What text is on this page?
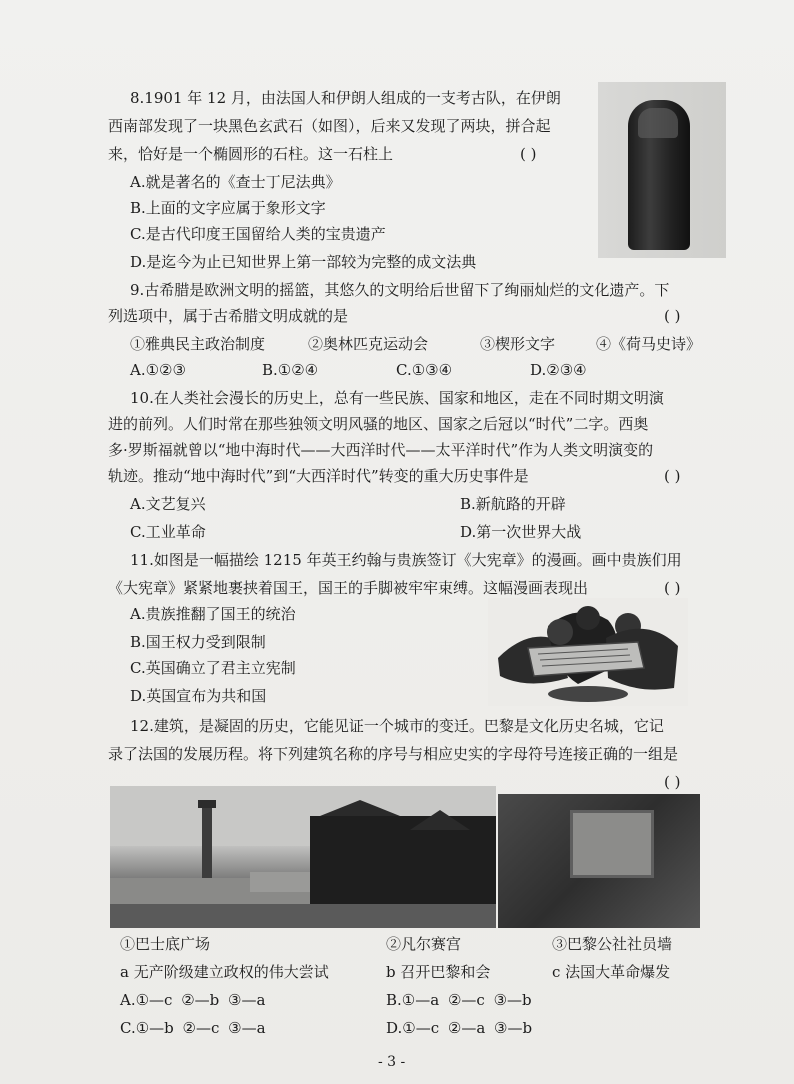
8.1901 年 12 月，由法国人和伊朗人组成的一支考古队，在伊朗
西南部发现了一块黑色玄武石（如图），后来又发现了两块，拼合起
来，恰好是一个椭圆形的石柱。这一石柱上	( )
A.就是著名的《查士丁尼法典》
B.上面的文字应属于象形文字
C.是古代印度王国留给人类的宝贵遗产
D.是迄今为止已知世界上第一部较为完整的成文法典
9.古希腊是欧洲文明的摇篮，其悠久的文明给后世留下了绚丽灿烂的文化遗产。下
列选项中，属于古希腊文明成就的是	( )
①雅典民主政治制度	②奥林匹克运动会	③楔形文字	④《荷马史诗》
A.①②③	B.①②④	C.①③④	D.②③④
10.在人类社会漫长的历史上，总有一些民族、国家和地区，走在不同时期文明演
进的前列。人们时常在那些独领文明风骚的地区、国家之后冠以“时代”二字。西奥
多·罗斯福就曾以“地中海时代——大西洋时代——太平洋时代”作为人类文明演变的
轨迹。推动“地中海时代”到“大西洋时代”转变的重大历史事件是	( )
A.文艺复兴	B.新航路的开辟
C.工业革命	D.第一次世界大战
11.如图是一幅描绘 1215 年英王约翰与贵族签订《大宪章》的漫画。画中贵族们用
《大宪章》紧紧地裹挟着国王，国王的手脚被牢牢束缚。这幅漫画表现出	( )
A.贵族推翻了国王的统治
B.国王权力受到限制
C.英国确立了君主立宪制
D.英国宣布为共和国
12.建筑，是凝固的历史，它能见证一个城市的变迁。巴黎是文化历史名城，它记
录了法国的发展历程。将下列建筑名称的序号与相应史实的字母符号连接正确的一组是
( )
①巴士底广场	②凡尔赛宫	③巴黎公社社员墙
a 无产阶级建立政权的伟大尝试	b 召开巴黎和会	c 法国大革命爆发
A.①—c ②—b ③—a	B.①—a ②—c ③—b
C.①—b ②—c ③—a	D.①—c ②—a ③—b
- 3 -
